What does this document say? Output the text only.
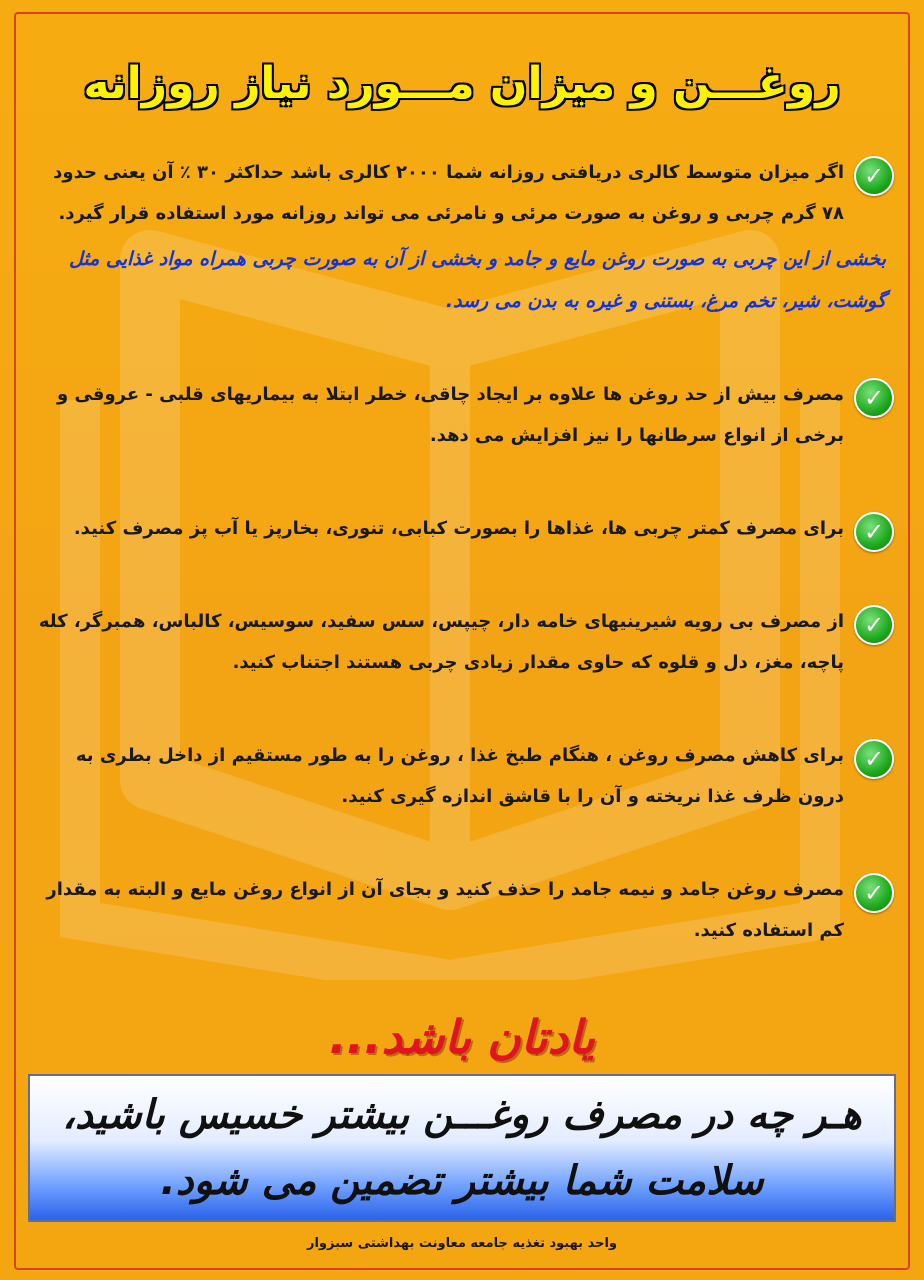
روغـــن و میزان مـــورد نیاز روزانه
✓
اگر میزان متوسط کالری دریافتی روزانه شما ۲۰۰۰ کالری باشد حداکثر ۳۰ ٪ آن یعنی حدود ۷۸ گرم چربی و روغن به صورت مرئی و نامرئی می تواند روزانه مورد استفاده قرار گیرد.
بخشی از این چربی به صورت روغن مایع و جامد و بخشی از آن به صورت چربی همراه مواد غذایی مثل گوشت، شیر، تخم مرغ، بستنی و غیره به بدن می رسد.
✓
مصرف بیش از حد روغن ها علاوه بر ایجاد چاقی، خطر ابتلا به بیماریهای قلبی - عروقی و برخی از انواع سرطانها را نیز افزایش می دهد.
✓
برای مصرف کمتر چربی ها، غذاها را بصورت کبابی، تنوری، بخارپز یا آب پز مصرف کنید.
✓
از مصرف بی رویه شیرینیهای خامه دار، چیپس، سس سفید، سوسیس، کالباس، همبرگر، کله پاچه، مغز، دل و قلوه که حاوی مقدار زیادی چربی هستند اجتناب کنید.
✓
برای کاهش مصرف روغن ، هنگام طبخ غذا ، روغن را به طور مستقیم از داخل بطری به درون ظرف غذا نریخته و آن را با قاشق اندازه گیری کنید.
✓
مصرف روغن جامد و نیمه جامد را حذف کنید و بجای آن از انواع روغن مایع و البته به مقدار کم استفاده کنید.
یادتان باشد...
هـر چه در مصرف روغـــن بیشتر خسیس باشید، سلامت شما بیشتر تضمین می شود.
واحد بهبود تغذیه جامعه معاونت بهداشتی سبزوار
